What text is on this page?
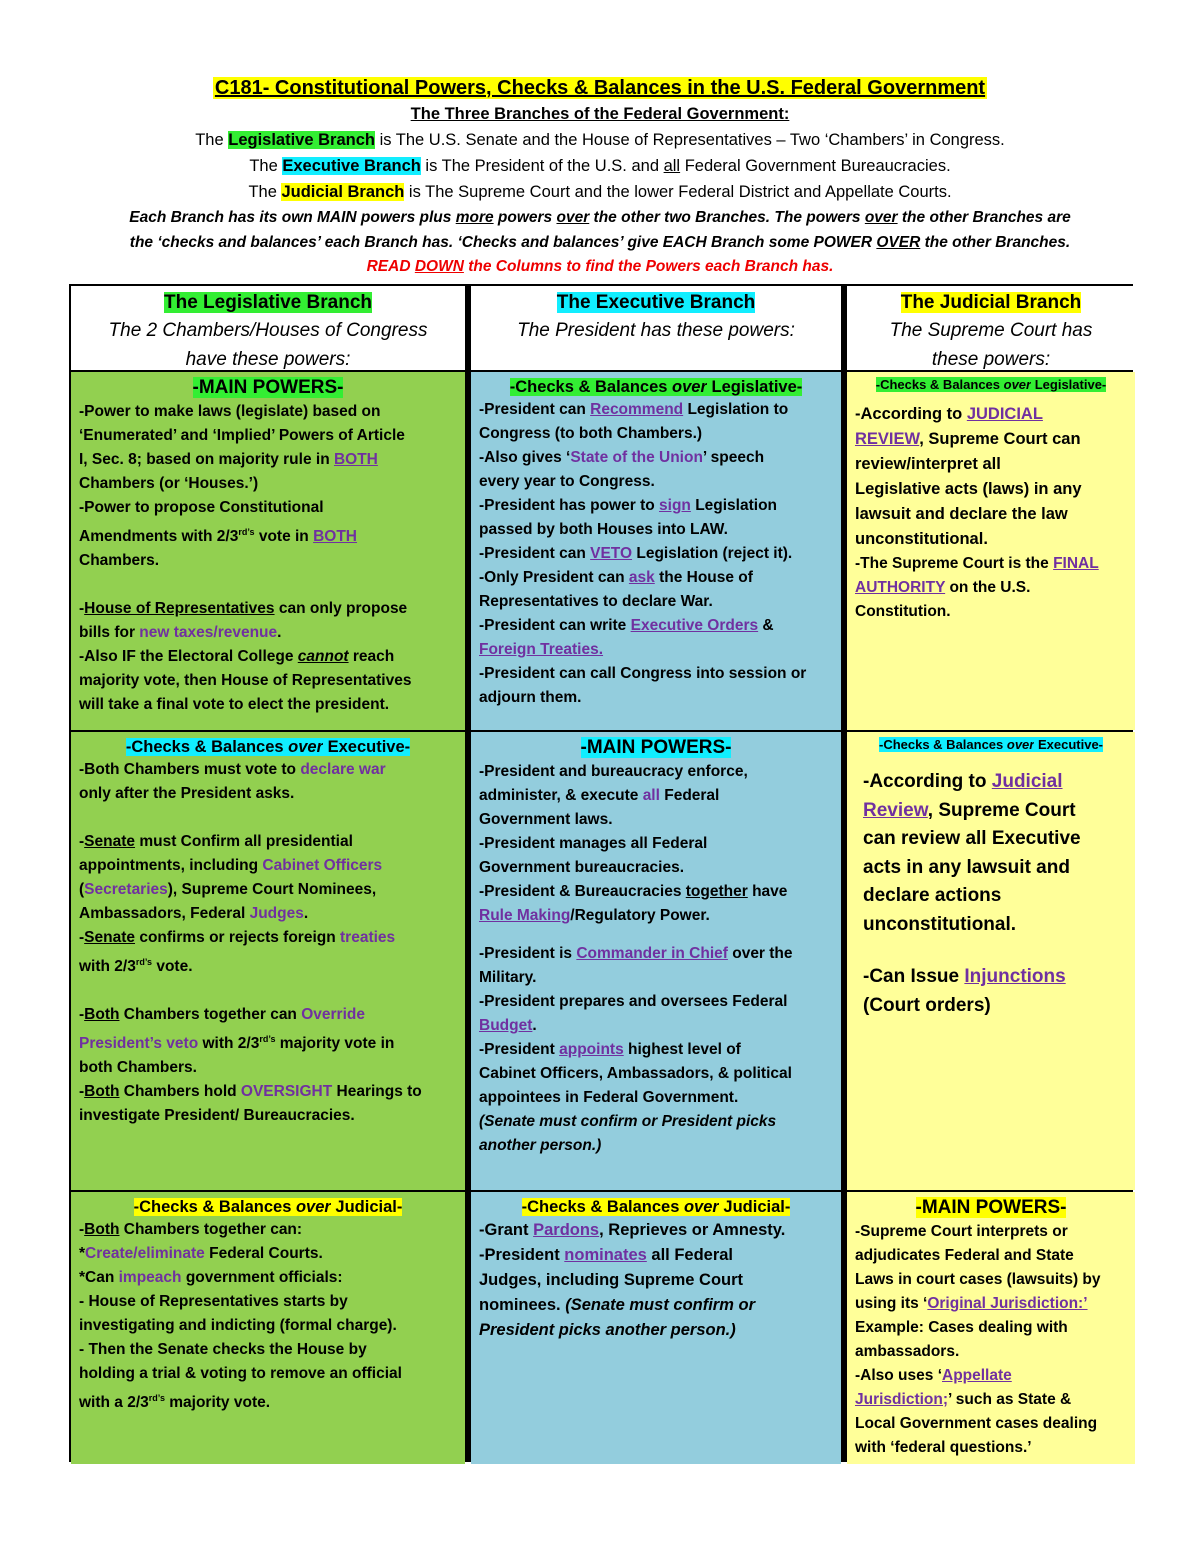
C181- Constitutional Powers, Checks & Balances in the U.S. Federal Government
The Three Branches of the Federal Government:
The Legislative Branch is The U.S. Senate and the House of Representatives – Two ‘Chambers’ in Congress.
The Executive Branch is The President of the U.S. and all Federal Government Bureaucracies.
The Judicial Branch is The Supreme Court and the lower Federal District and Appellate Courts.
Each Branch has its own MAIN powers plus more powers over the other two Branches. The powers over the other Branches are
the ‘checks and balances’ each Branch has. ‘Checks and balances’ give EACH Branch some POWER OVER the other Branches.
READ DOWN the Columns to find the Powers each Branch has.
The Legislative Branch
The 2 Chambers/Houses of Congress
have these powers:
The Executive Branch
The President has these powers:
The Judicial Branch
The Supreme Court has
these powers:
-MAIN POWERS-
-Power to make laws (legislate) based on
‘Enumerated’ and ‘Implied’ Powers of Article
I, Sec. 8; based on majority rule in BOTH
Chambers (or ‘Houses.’)
-Power to propose Constitutional
Amendments with $2/3^{rd’s}$ vote in BOTH
Chambers.
-House of Representatives can only propose
bills for new taxes/revenue.
-Also IF the Electoral College cannot reach
majority vote, then House of Representatives
will take a final vote to elect the president.
-Checks & Balances over Legislative-
-President can Recommend Legislation to
Congress (to both Chambers.)
-Also gives ‘State of the Union’ speech
every year to Congress.
-President has power to sign Legislation
passed by both Houses into LAW.
-President can VETO Legislation (reject it).
-Only President can ask the House of
Representatives to declare War.
-President can write Executive Orders &
Foreign Treaties.
-President can call Congress into session or
adjourn them.
-Checks & Balances over Legislative-
-According to JUDICIAL
REVIEW, Supreme Court can
review/interpret all
Legislative acts (laws) in any
lawsuit and declare the law
unconstitutional.
-The Supreme Court is the FINAL
AUTHORITY on the U.S.
Constitution.
-Checks & Balances over Executive-
-Both Chambers must vote to declare war
only after the President asks.
-Senate must Confirm all presidential
appointments, including Cabinet Officers
(Secretaries), Supreme Court Nominees,
Ambassadors, Federal Judges.
-Senate confirms or rejects foreign treaties
with $2/3^{rd’s}$ vote.
-Both Chambers together can Override
President’s veto with $2/3^{rd’s}$ majority vote in
both Chambers.
-Both Chambers hold OVERSIGHT Hearings to
investigate President/ Bureaucracies.
-MAIN POWERS-
-President and bureaucracy enforce,
administer, & execute all Federal
Government laws.
-President manages all Federal
Government bureaucracies.
-President & Bureaucracies together have
Rule Making/Regulatory Power.
-President is Commander in Chief over the
Military.
-President prepares and oversees Federal
Budget.
-President appoints highest level of
Cabinet Officers, Ambassadors, & political
appointees in Federal Government.
(Senate must confirm or President picks
another person.)
-Checks & Balances over Executive-
-According to Judicial
Review, Supreme Court
can review all Executive
acts in any lawsuit and
declare actions
unconstitutional.
-Can Issue Injunctions
(Court orders)
-Checks & Balances over Judicial-
-Both Chambers together can:
*Create/eliminate Federal Courts.
*Can impeach government officials:
- House of Representatives starts by
investigating and indicting (formal charge).
- Then the Senate checks the House by
holding a trial & voting to remove an official
with a $2/3^{rd’s}$ majority vote.
-Checks & Balances over Judicial-
-Grant Pardons, Reprieves or Amnesty.
-President nominates all Federal
Judges, including Supreme Court
nominees. (Senate must confirm or
President picks another person.)
-MAIN POWERS-
-Supreme Court interprets or
adjudicates Federal and State
Laws in court cases (lawsuits) by
using its ‘Original Jurisdiction:’
Example: Cases dealing with
ambassadors.
-Also uses ‘Appellate
Jurisdiction;’ such as State &
Local Government cases dealing
with ‘federal questions.’
